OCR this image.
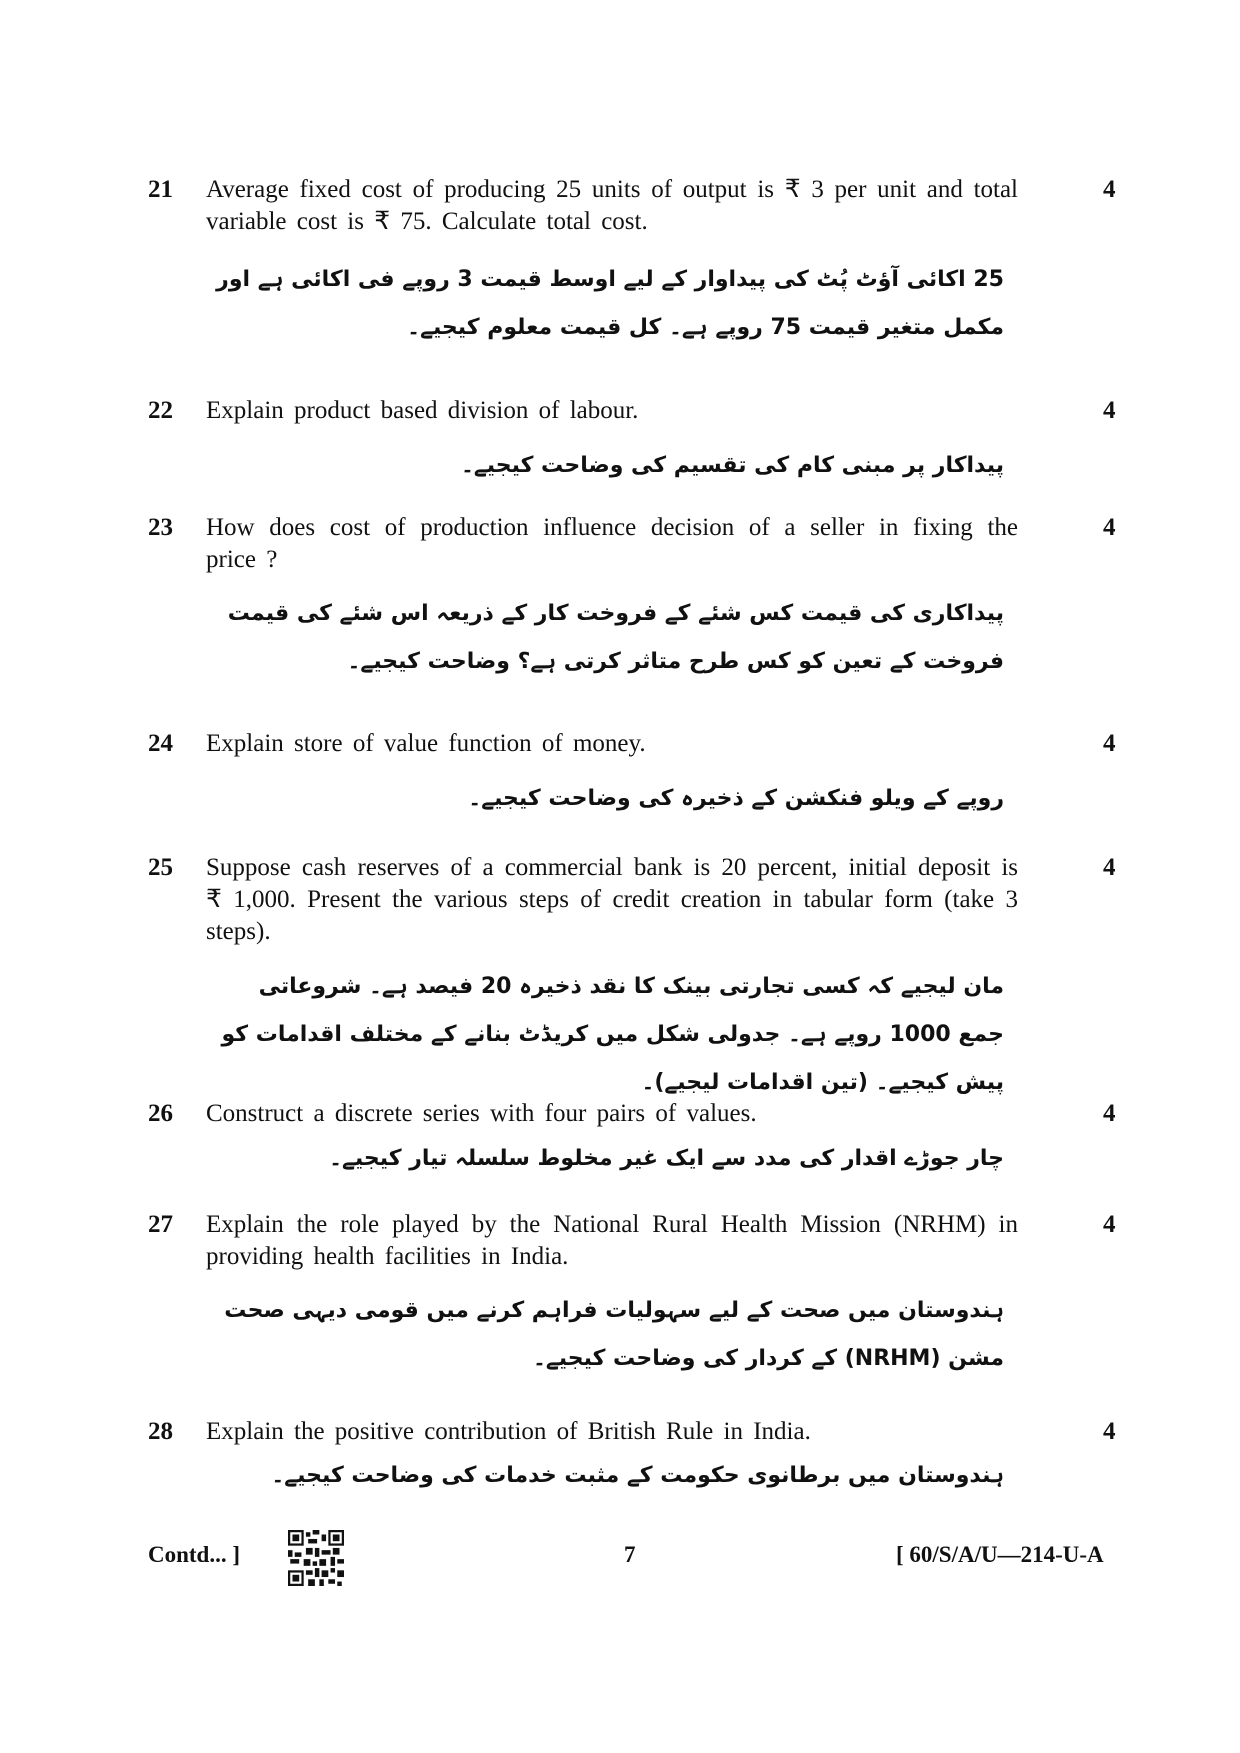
21 Average fixed cost of producing 25 units of output is ₹ 3 per unit and total variable cost is ₹ 75. Calculate total cost.
4
25 اکائی آؤٹ پُٹ کی پیداوار کے لیے اوسط قیمت 3 روپے فی اکائی ہے اور مکمل متغیر قیمت 75 روپے ہے۔ کل قیمت معلوم کیجیے۔
22 Explain product based division of labour.	4
پیداکار پر مبنی کام کی تقسیم کی وضاحت کیجیے۔
23 How does cost of production influence decision of a seller in fixing the price ?
4
پیداکاری کی قیمت کس شئے کے فروخت کار کے ذریعہ اس شئے کی قیمت فروخت کے تعین کو کس طرح متاثر کرتی ہے؟ وضاحت کیجیے۔
24 Explain store of value function of money.	4
روپے کے ویلو فنکشن کے ذخیرہ کی وضاحت کیجیے۔
25 Suppose cash reserves of a commercial bank is 20 percent, initial deposit is ₹ 1,000. Present the various steps of credit creation in tabular form (take 3 steps).
4
مان لیجیے کہ کسی تجارتی بینک کا نقد ذخیرہ 20 فیصد ہے۔ شروعاتی جمع 1000 روپے ہے۔ جدولی شکل میں کریڈٹ بنانے کے مختلف اقدامات کو پیش کیجیے۔ (تین اقدامات لیجیے)۔
26 Construct a discrete series with four pairs of values.	4
چار جوڑے اقدار کی مدد سے ایک غیر مخلوط سلسلہ تیار کیجیے۔
27 Explain the role played by the National Rural Health Mission (NRHM) in providing health facilities in India.
4
ہندوستان میں صحت کے لیے سہولیات فراہم کرنے میں قومی دیہی صحت مشن (NRHM) کے کردار کی وضاحت کیجیے۔
28 Explain the positive contribution of British Rule in India.	4
ہندوستان میں برطانوی حکومت کے مثبت خدمات کی وضاحت کیجیے۔
Contd... ]	7	[ 60/S/A/U—214-U-A
